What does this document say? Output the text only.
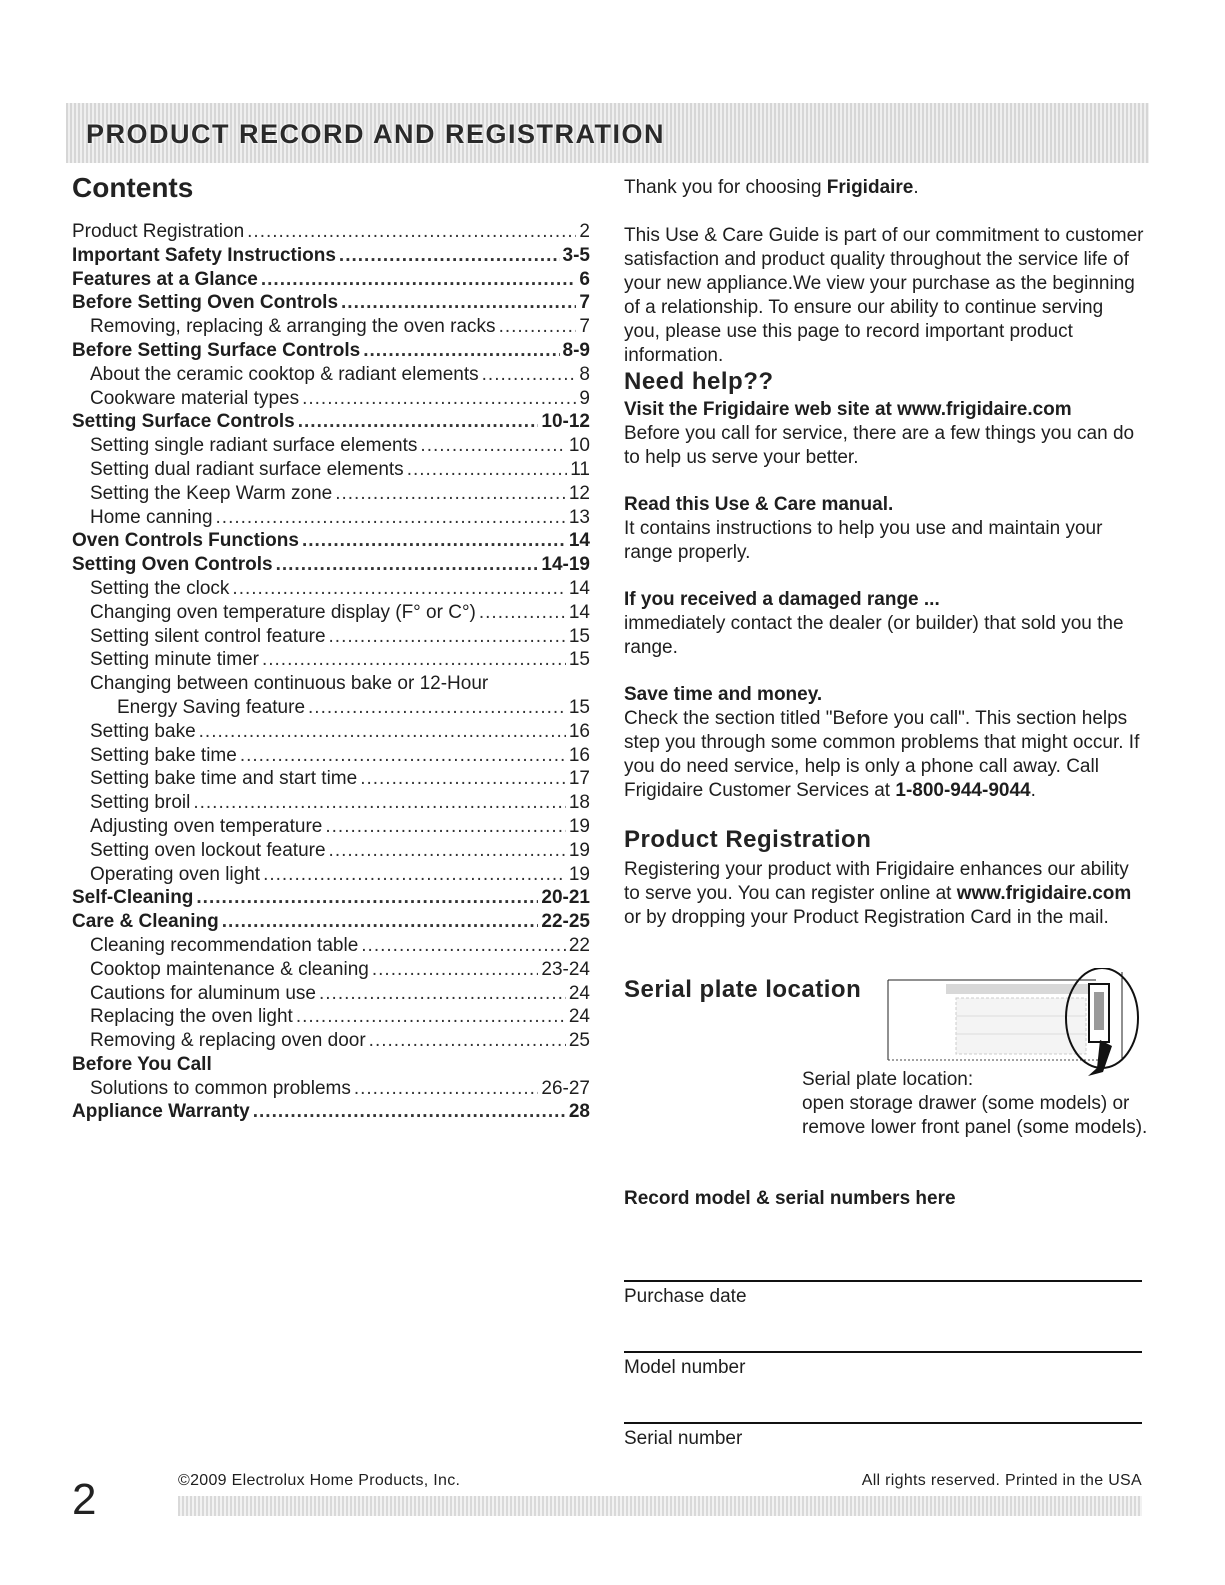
PRODUCT RECORD AND REGISTRATION
Contents
Product Registration .....	2
Important Safety Instructions .....	3-5
Features at a Glance .....	6
Before Setting Oven Controls .....	7
Removing, replacing & arranging the oven racks .....	7
Before Setting Surface Controls .....	8-9
About the ceramic cooktop & radiant elements .....	8
Cookware material types .....	9
Setting Surface Controls .....	10-12
Setting single radiant surface elements .....	10
Setting dual radiant surface elements .....	11
Setting the Keep Warm zone .....	12
Home canning .....	13
Oven Controls Functions .....	14
Setting Oven Controls .....	14-19
Setting the clock .....	14
Changing oven temperature display (F° or C°) .....	14
Setting silent control feature .....	15
Setting minute timer .....	15
Changing between continuous bake or 12-Hour
Energy Saving feature .....	15
Setting bake .....	16
Setting bake time .....	16
Setting bake time and start time .....	17
Setting broil .....	18
Adjusting oven temperature .....	19
Setting oven lockout feature .....	19
Operating oven light .....	19
Self-Cleaning .....	20-21
Care & Cleaning .....	22-25
Cleaning recommendation table .....	22
Cooktop maintenance & cleaning .....	23-24
Cautions for aluminum use .....	24
Replacing the oven light .....	24
Removing & replacing oven door .....	25
Before You Call
Solutions to common problems .....	26-27
Appliance Warranty .....	28

Thank you for choosing Frigidaire.

This Use & Care Guide is part of our commitment to customer satisfaction and product quality throughout the service life of your new appliance.We view your purchase as the beginning of a relationship. To ensure our ability to continue serving you, please use this page to record important product information.

Need help??

Visit the Frigidaire web site at www.frigidaire.com

Before you call for service, there are a few things you can do to help us serve your better.

Read this Use & Care manual.

It contains instructions to help you use and maintain your range properly.

If you received a damaged range ...

immediately contact the dealer (or builder) that sold you the range.

Save time and money.

Check the section titled "Before you call". This section helps step you through some common problems that might occur. If you do need service, help is only a phone call away. Call Frigidaire Customer Services at 1-800-944-9044.

Product Registration

Registering your product with Frigidaire enhances our ability to serve you. You can register online at www.frigidaire.com or by dropping your Product Registration Card in the mail.

Serial plate location

Serial plate location:
open storage drawer (some models) or
remove lower front panel (some models).

Record model & serial numbers here

Purchase date

Model number

Serial number

2	©2009 Electrolux Home Products, Inc.	All rights reserved. Printed in the USA
